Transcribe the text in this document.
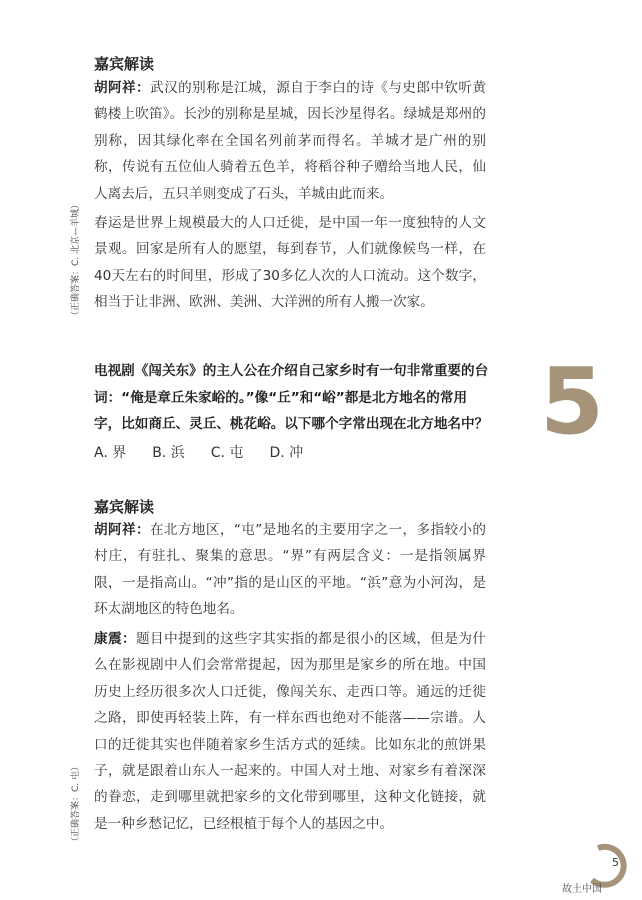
嘉宾解读

胡阿祥：武汉的别称是江城，源自于李白的诗《与史郎中钦听黄鹤楼上吹笛》。长沙的别称是星城，因长沙星得名。绿城是郑州的别称，因其绿化率在全国名列前茅而得名。羊城才是广州的别称，传说有五位仙人骑着五色羊，将稻谷种子赠给当地人民，仙人离去后，五只羊则变成了石头，羊城由此而来。

春运是世界上规模最大的人口迁徙，是中国一年一度独特的人文景观。回家是所有人的愿望，每到春节，人们就像候鸟一样，在40天左右的时间里，形成了30多亿人次的人口流动。这个数字，相当于让非洲、欧洲、美洲、大洋洲的所有人搬一次家。

（正确答案：C. 北京—羊城）

电视剧《闯关东》的主人公在介绍自己家乡时有一句非常重要的台词：“俺是章丘朱家峪的。”像“丘”和“峪”都是北方地名的常用字，比如商丘、灵丘、桃花峪。以下哪个字常出现在北方地名中？ 5
A. 界 B. 浜 C. 屯 D. 冲
嘉宾解读

胡阿祥：在北方地区，“屯”是地名的主要用字之一，多指较小的村庄，有驻扎、聚集的意思。“界”有两层含义：一是指领属界限，一是指高山。“冲”指的是山区的平地。“浜”意为小河沟，是环太湖地区的特色地名。

康震：题目中提到的这些字其实指的都是很小的区域，但是为什么在影视剧中人们会常常提起，因为那里是家乡的所在地。中国历史上经历很多次人口迁徙，像闯关东、走西口等。通远的迁徙之路，即使再轻装上阵，有一样东西也绝对不能落——宗谱。人口的迁徙其实也伴随着家乡生活方式的延续。比如东北的煎饼果子，就是跟着山东人一起来的。中国人对土地、对家乡有着深深的眷恋，走到哪里就把家乡的文化带到哪里，这种文化链接，就是一种乡愁记忆，已经根植于每个人的基因之中。

（正确答案：C. 屯）
5
故土中国
